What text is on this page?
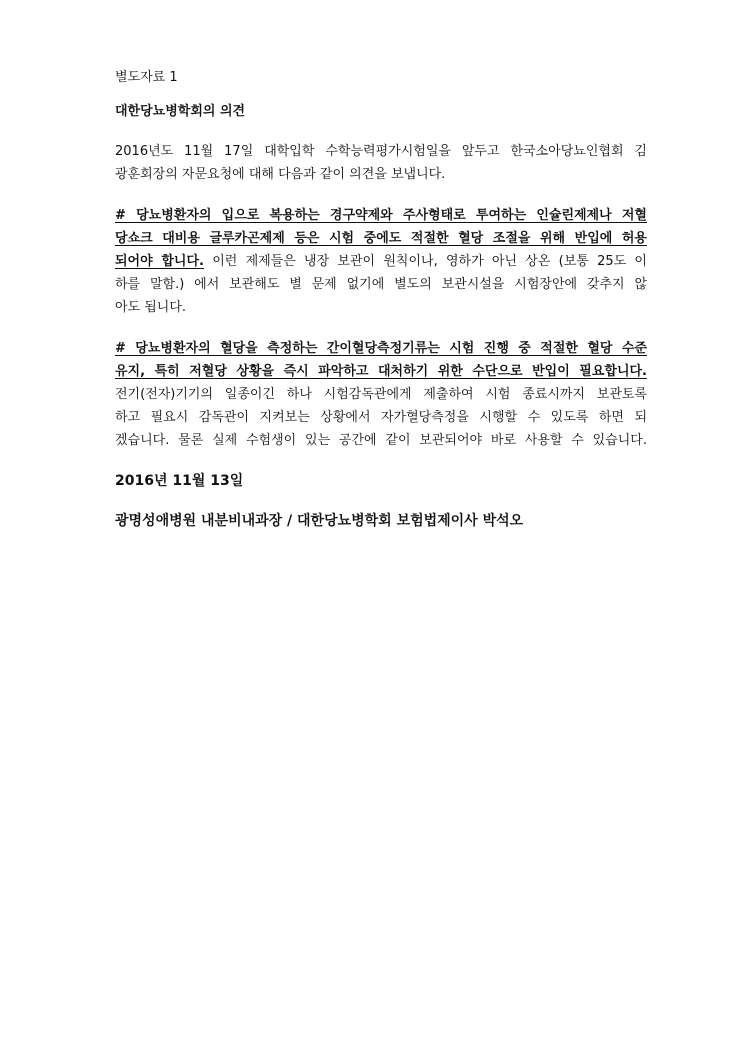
별도자료 1
대한당뇨병학회의 의견
2016년도 11월 17일 대학입학 수학능력평가시험일을 앞두고 한국소아당뇨인협회 김
광훈회장의 자문요청에 대해 다음과 같이 의견을 보냅니다.
# 당뇨병환자의 입으로 복용하는 경구약제와 주사형태로 투여하는 인슐린제제나 저혈
당쇼크 대비용 글루카곤제제 등은 시험 중에도 적절한 혈당 조절을 위해 반입에 허용
되어야 합니다. 이런 제제들은 냉장 보관이 원칙이나, 영하가 아닌 상온 (보통 25도 이
하를 말함.) 에서 보관해도 별 문제 없기에 별도의 보관시설을 시험장안에 갖추지 않
아도 됩니다.
# 당뇨병환자의 혈당을 측정하는 간이혈당측정기류는 시험 진행 중 적절한 혈당 수준
유지, 특히 저혈당 상황을 즉시 파악하고 대처하기 위한 수단으로 반입이 필요합니다.
전기(전자)기기의 일종이긴 하나 시험감독관에게 제출하여 시험 종료시까지 보관토록
하고 필요시 감독관이 지켜보는 상황에서 자가혈당측정을 시행할 수 있도록 하면 되
겠습니다. 물론 실제 수험생이 있는 공간에 같이 보관되어야 바로 사용할 수 있습니다.
2016년 11월 13일
광명성애병원 내분비내과장 / 대한당뇨병학회 보험법제이사 박석오
